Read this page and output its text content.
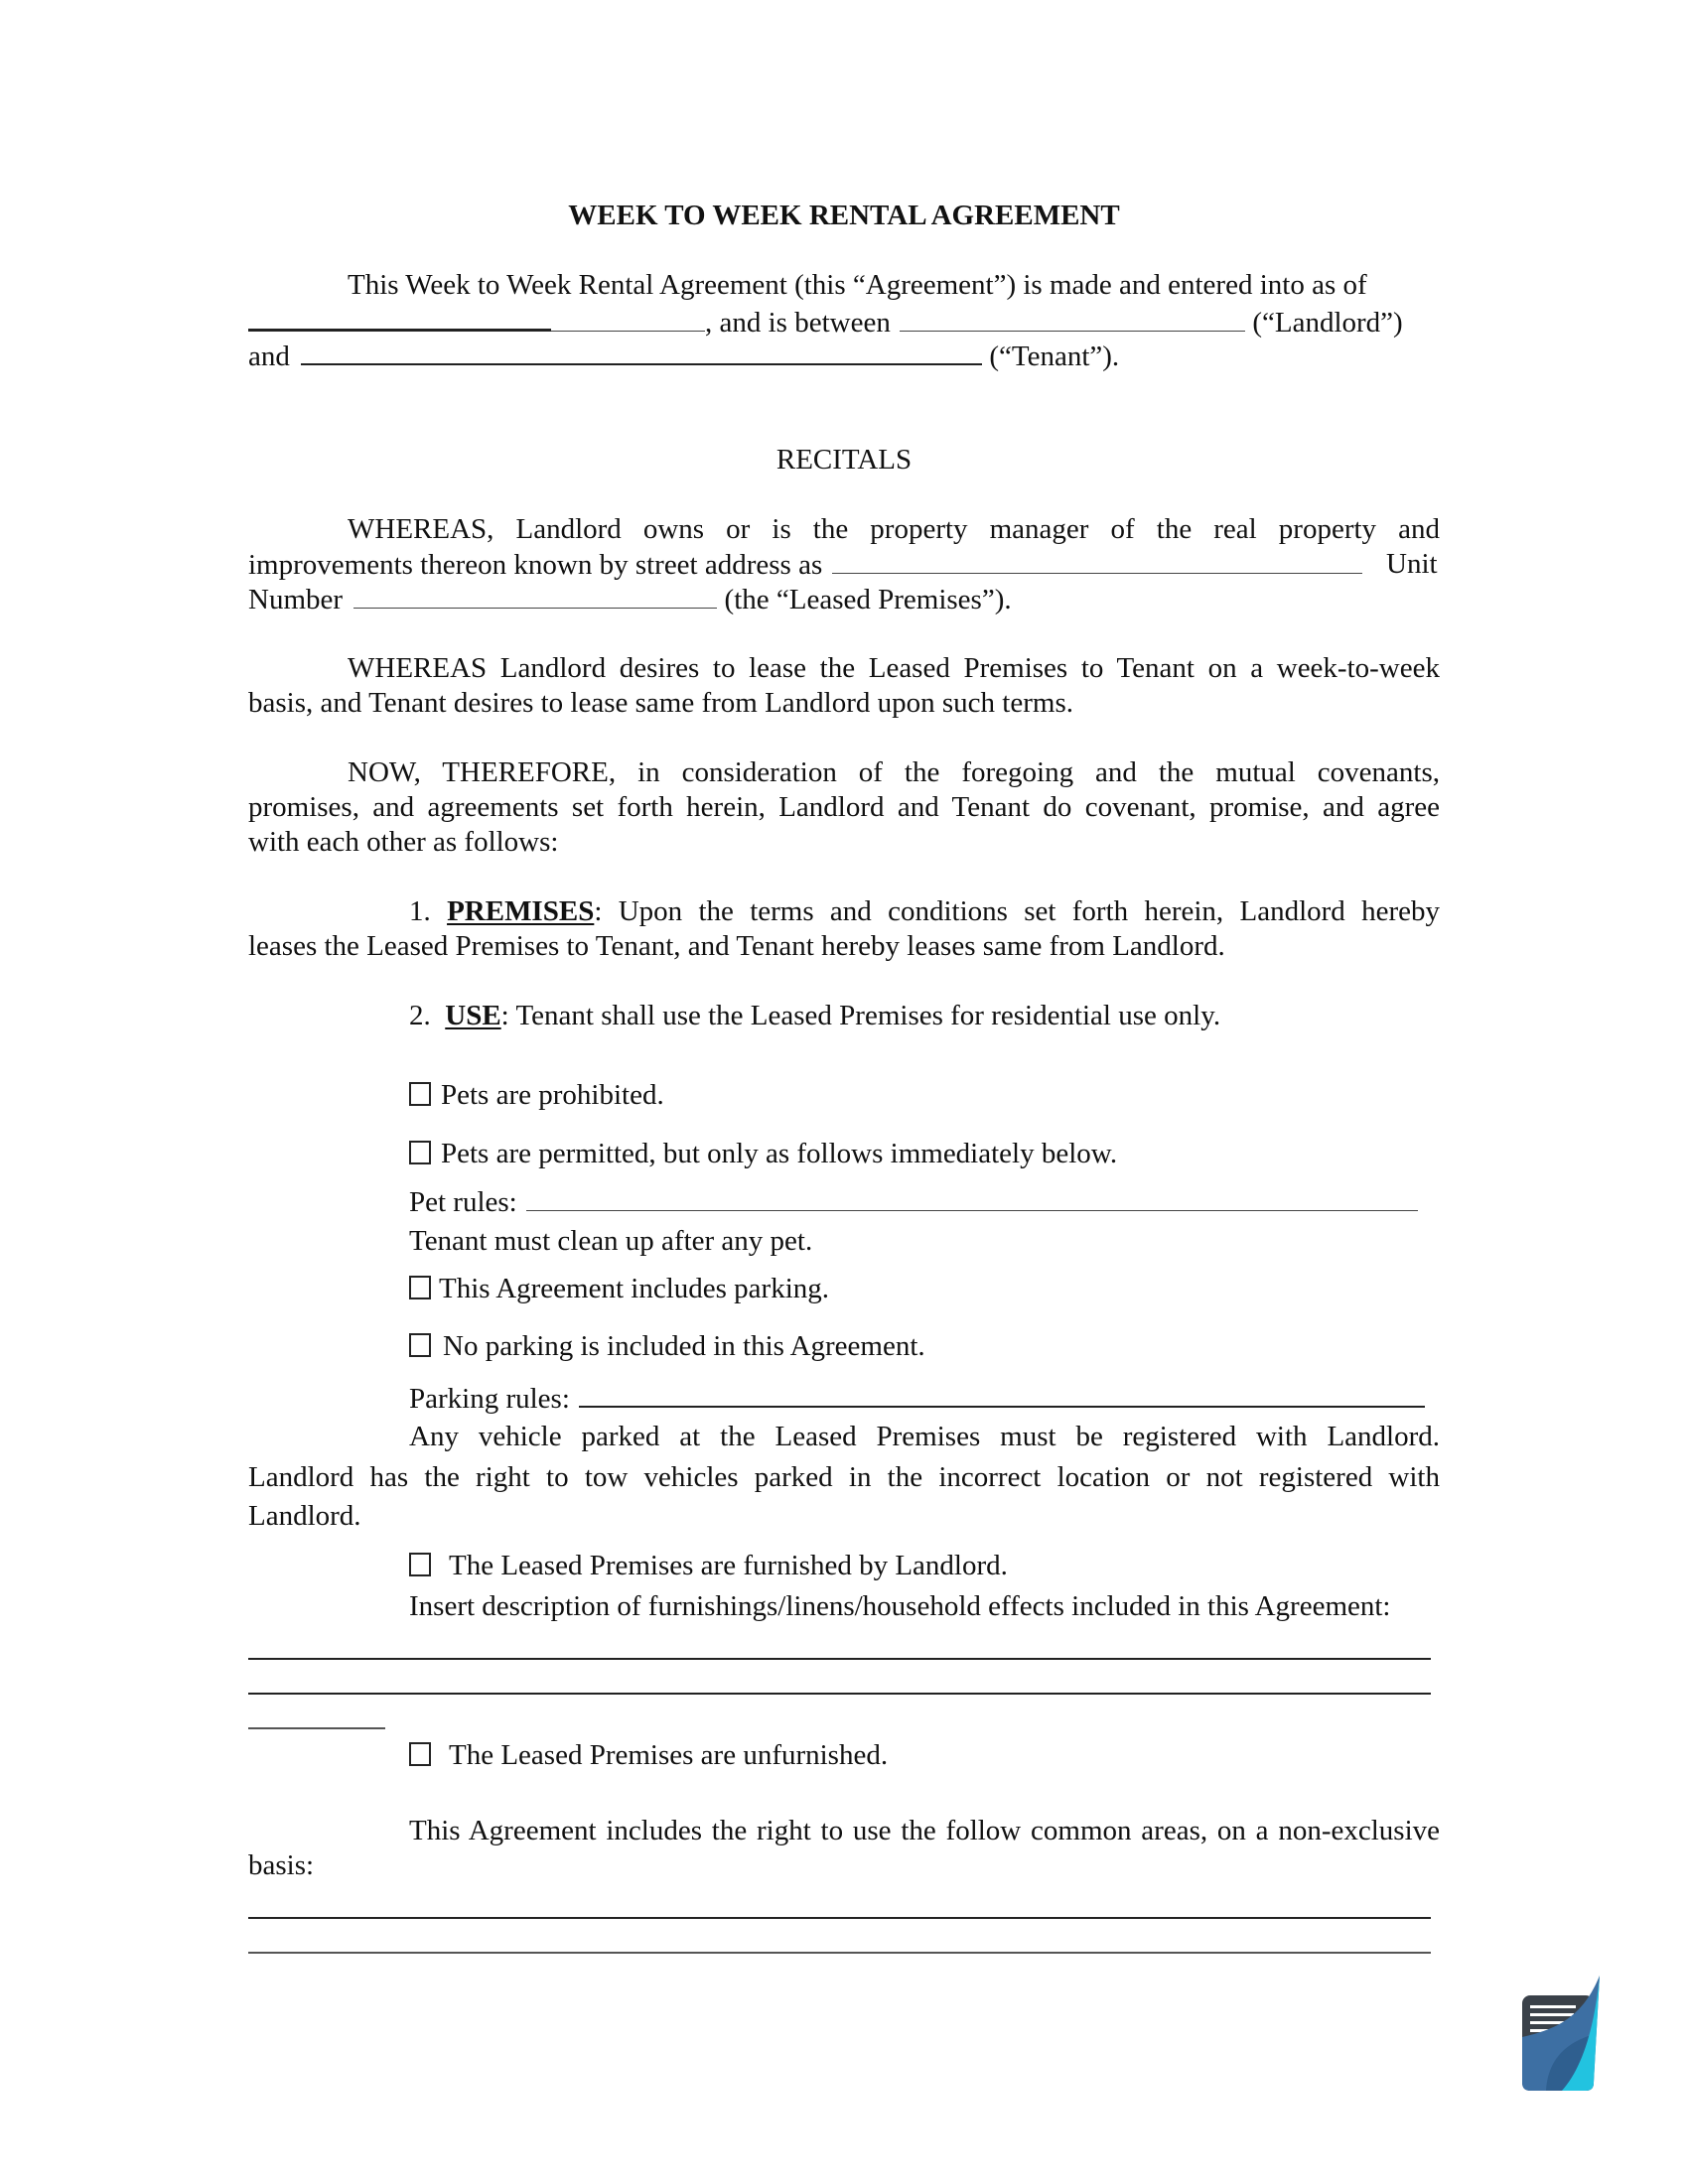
WEEK TO WEEK RENTAL AGREEMENT
This Week to Week Rental Agreement (this “Agreement”) is made and entered into as of
, and is between	(“Landlord”)
and	(“Tenant”).
RECITALS
WHEREAS, Landlord owns or is the property manager of the real property and
improvements thereon known by street address as	Unit
Number	(the “Leased Premises”).
WHEREAS Landlord desires to lease the Leased Premises to Tenant on a week-to-week
basis, and Tenant desires to lease same from Landlord upon such terms.
NOW, THEREFORE, in consideration of the foregoing and the mutual covenants,
promises, and agreements set forth herein, Landlord and Tenant do covenant, promise, and agree
with each other as follows:
1. PREMISES: Upon the terms and conditions set forth herein, Landlord hereby
leases the Leased Premises to Tenant, and Tenant hereby leases same from Landlord.
2. USE: Tenant shall use the Leased Premises for residential use only.
Pets are prohibited.
Pets are permitted, but only as follows immediately below.
Pet rules:
Tenant must clean up after any pet.
This Agreement includes parking.
No parking is included in this Agreement.
Parking rules:
Any vehicle parked at the Leased Premises must be registered with Landlord.
Landlord has the right to tow vehicles parked in the incorrect location or not registered with
Landlord.
The Leased Premises are furnished by Landlord.
Insert description of furnishings/linens/household effects included in this Agreement:
The Leased Premises are unfurnished.
This Agreement includes the right to use the follow common areas, on a non-exclusive
basis:
